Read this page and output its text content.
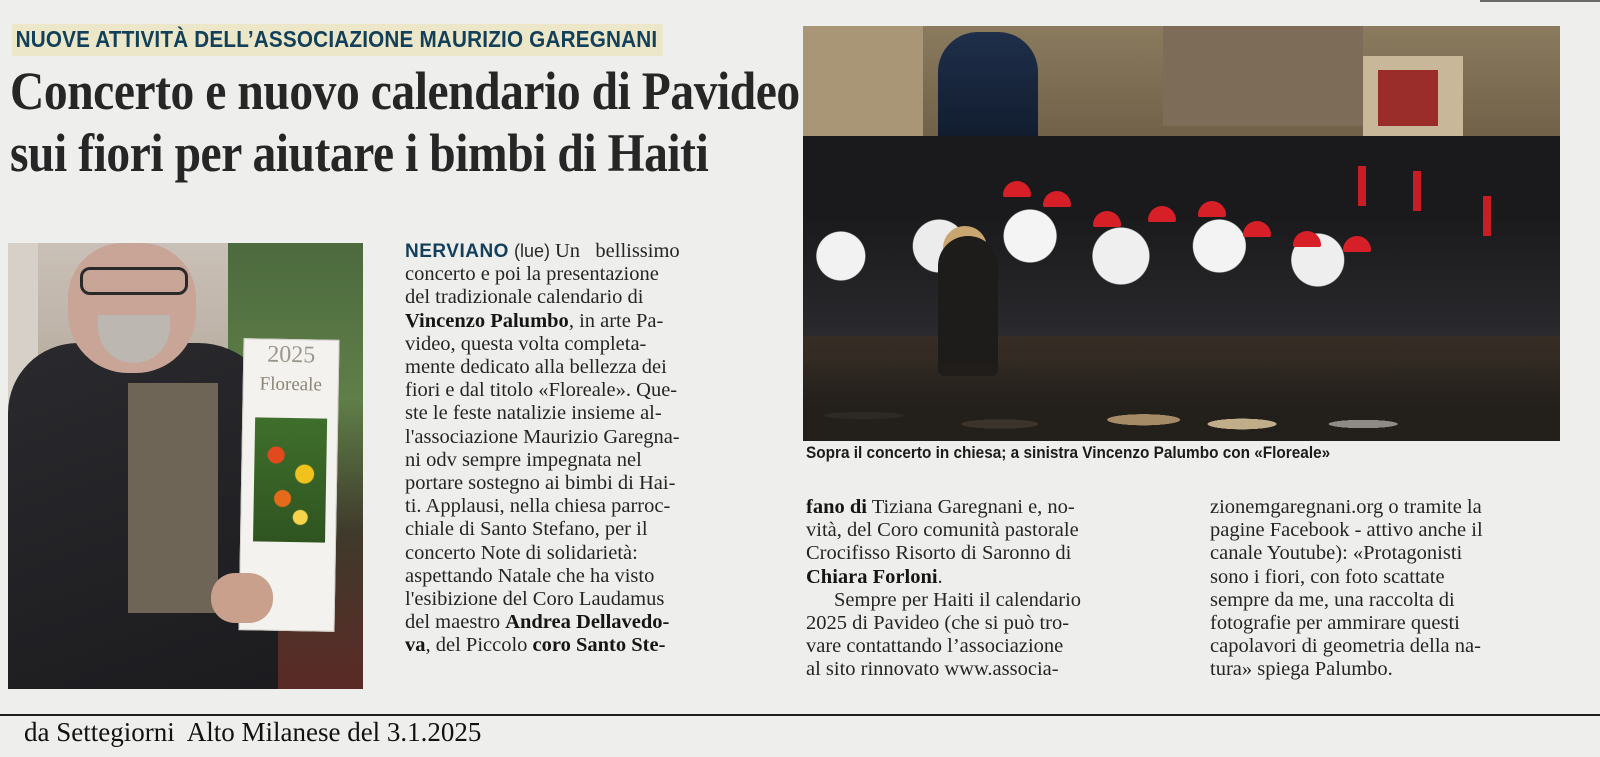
NUOVE ATTIVITÀ DELL’ASSOCIAZIONE MAURIZIO GAREGNANI
Concerto e nuovo calendario di Pavideo
sui fiori per aiutare i bimbi di Haiti
2025
Floreale
NERVIANO (lue) Un   bellissimo
concerto e poi la presentazione
del tradizionale calendario di
Vincenzo Palumbo, in arte Pa-
video, questa volta completa-
mente dedicato alla bellezza dei
fiori e dal titolo «Floreale». Que-
ste le feste natalizie insieme al-
l'associazione Maurizio Garegna-
ni odv sempre impegnata nel
portare sostegno ai bimbi di Hai-
ti. Applausi, nella chiesa parroc-
chiale di Santo Stefano, per il
concerto Note di solidarietà:
aspettando Natale che ha visto
l'esibizione del Coro Laudamus
del maestro Andrea Dellavedo-
va, del Piccolo coro Santo Ste-
Sopra il concerto in chiesa; a sinistra Vincenzo Palumbo con «Floreale»
fano di Tiziana Garegnani e, no-
vità, del Coro comunità pastorale
Crocifisso Risorto di Saronno di
Chiara Forloni.
Sempre per Haiti il calendario
2025 di Pavideo (che si può tro-
vare contattando l’associazione
al sito rinnovato www.associa-
zionemgaregnani.org o tramite la
pagine Facebook - attivo anche il
canale Youtube): «Protagonisti
sono i fiori, con foto scattate
sempre da me, una raccolta di
fotografie per ammirare questi
capolavori di geometria della na-
tura» spiega Palumbo.
da Settegiorni  Alto Milanese del 3.1.2025
